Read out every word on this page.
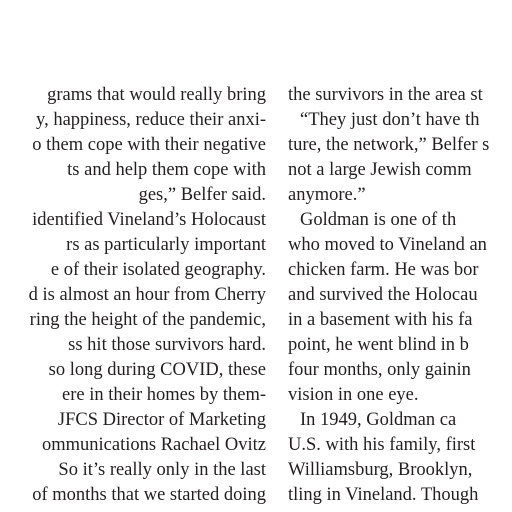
grams that would really bring
y, happiness, reduce their anxi-
o them cope with their negative
ts and help them cope with
ges,” Belfer said.
identified Vineland’s Holocaust
rs as particularly important
e of their isolated geography.
d is almost an hour from Cherry
ring the height of the pandemic,
ss hit those survivors hard.
so long during COVID, these
ere in their homes by them-
JFCS Director of Marketing
ommunications Rachael Ovitz
So it’s really only in the last
of months that we started doing
the survivors in the area st
“They just don’t have th
ture, the network,” Belfer s
not a large Jewish comm
anymore.”
Goldman is one of th
who moved to Vineland an
chicken farm. He was bor
and survived the Holocau
in a basement with his fa
point, he went blind in b
four months, only gainin
vision in one eye.
In 1949, Goldman ca
U.S. with his family, first
Williamsburg, Brooklyn,
tling in Vineland. Though
